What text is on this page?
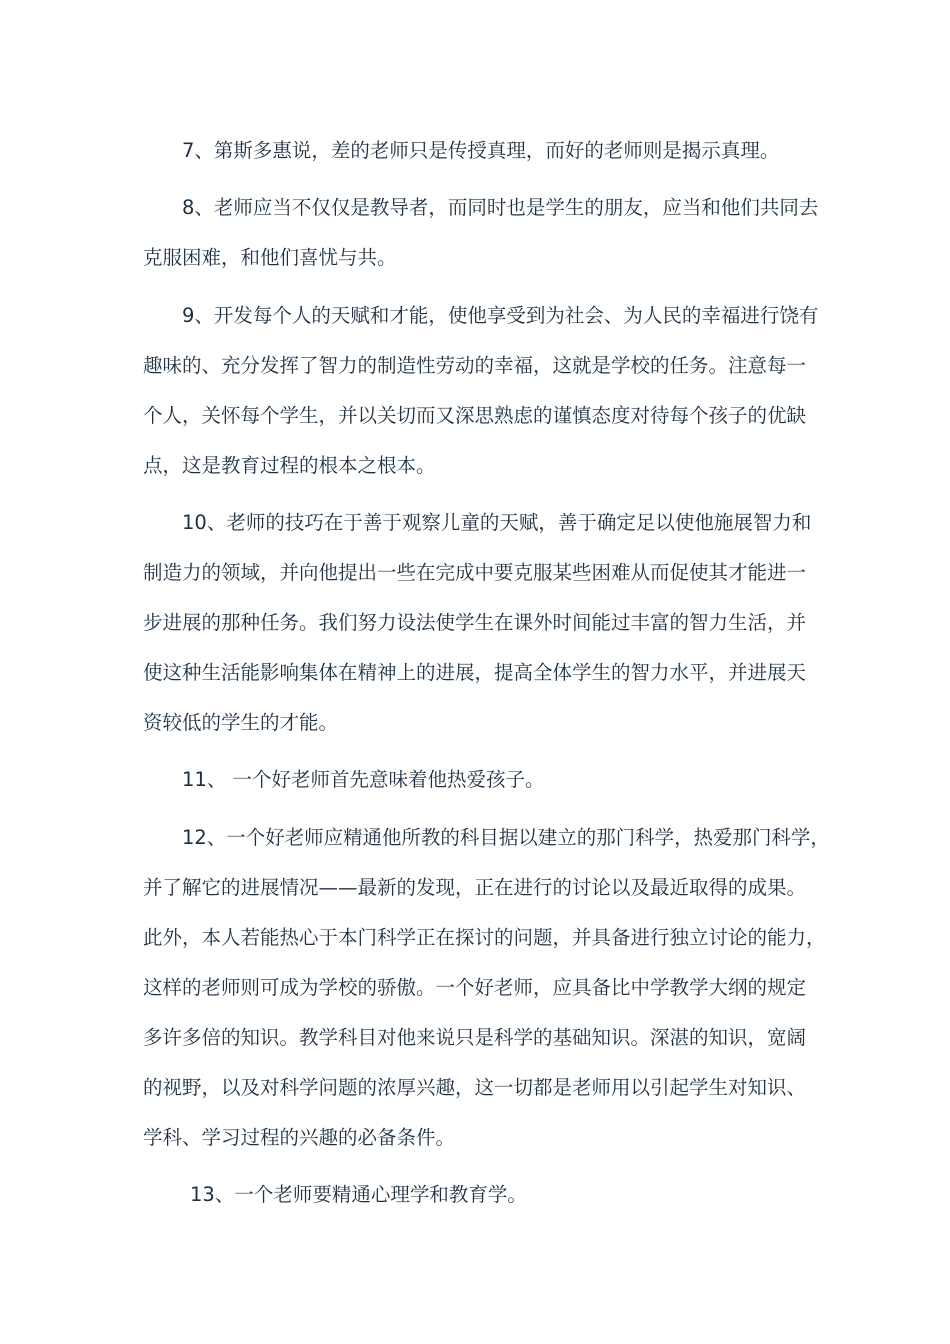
7、第斯多惠说，差的老师只是传授真理，而好的老师则是揭示真理。
8、老师应当不仅仅是教导者，而同时也是学生的朋友，应当和他们共同去
克服困难，和他们喜忧与共。
9、开发每个人的天赋和才能，使他享受到为社会、为人民的幸福进行饶有
趣味的、充分发挥了智力的制造性劳动的幸福，这就是学校的任务。注意每一
个人，关怀每个学生，并以关切而又深思熟虑的谨慎态度对待每个孩子的优缺
点，这是教育过程的根本之根本。
10、老师的技巧在于善于观察儿童的天赋，善于确定足以使他施展智力和
制造力的领域，并向他提出一些在完成中要克服某些困难从而促使其才能进一
步进展的那种任务。我们努力设法使学生在课外时间能过丰富的智力生活，并
使这种生活能影响集体在精神上的进展，提高全体学生的智力水平，并进展天
资较低的学生的才能。
11、 一个好老师首先意味着他热爱孩子。
12、一个好老师应精通他所教的科目据以建立的那门科学，热爱那门科学，
并了解它的进展情况——最新的发现，正在进行的讨论以及最近取得的成果。
此外，本人若能热心于本门科学正在探讨的问题，并具备进行独立讨论的能力，
这样的老师则可成为学校的骄傲。一个好老师，应具备比中学教学大纲的规定
多许多倍的知识。教学科目对他来说只是科学的基础知识。深湛的知识，宽阔
的视野，以及对科学问题的浓厚兴趣，这一切都是老师用以引起学生对知识、
学科、学习过程的兴趣的必备条件。
13、一个老师要精通心理学和教育学。
